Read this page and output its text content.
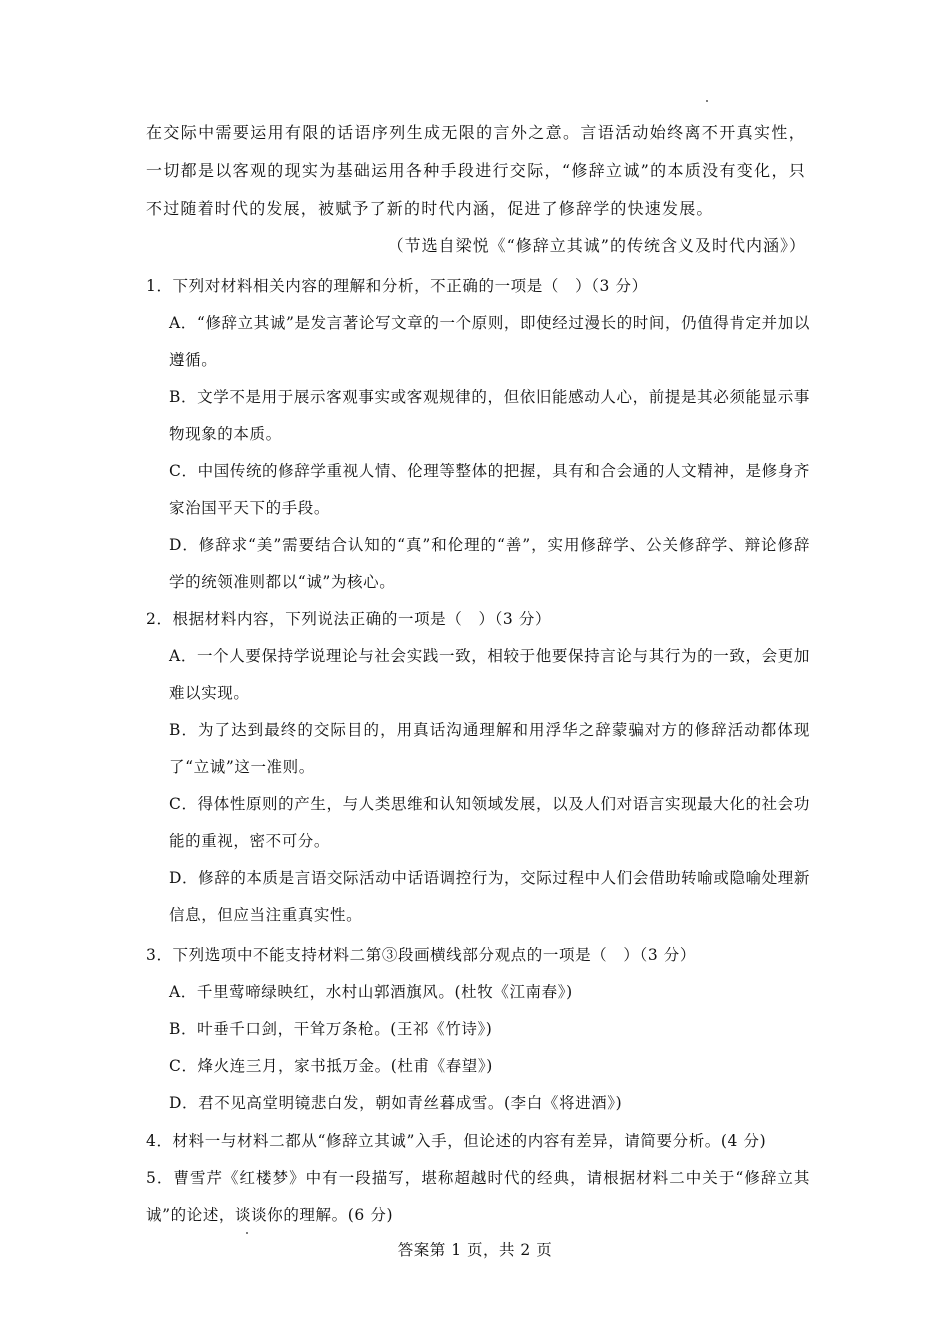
在交际中需要运用有限的话语序列生成无限的言外之意。言语活动始终离不开真实性，一切都是以客观的现实为基础运用各种手段进行交际，“修辞立诚”的本质没有变化，只不过随着时代的发展，被赋予了新的时代内涵，促进了修辞学的快速发展。
（节选自梁悦《“修辞立其诚”的传统含义及时代内涵》）
1．下列对材料相关内容的理解和分析，不正确的一项是（　）（3 分）
A．“修辞立其诚”是发言著论写文章的一个原则，即使经过漫长的时间，仍值得肯定并加以遵循。
B．文学不是用于展示客观事实或客观规律的，但依旧能感动人心，前提是其必须能显示事物现象的本质。
C．中国传统的修辞学重视人情、伦理等整体的把握，具有和合会通的人文精神，是修身齐家治国平天下的手段。
D．修辞求“美”需要结合认知的“真”和伦理的“善”，实用修辞学、公关修辞学、辩论修辞学的统领准则都以“诚”为核心。
2．根据材料内容，下列说法正确的一项是（　）（3 分）
A．一个人要保持学说理论与社会实践一致，相较于他要保持言论与其行为的一致，会更加难以实现。
B．为了达到最终的交际目的，用真话沟通理解和用浮华之辞蒙骗对方的修辞活动都体现了“立诚”这一准则。
C．得体性原则的产生，与人类思维和认知领域发展，以及人们对语言实现最大化的社会功能的重视，密不可分。
D．修辞的本质是言语交际活动中话语调控行为，交际过程中人们会借助转喻或隐喻处理新信息，但应当注重真实性。
3．下列选项中不能支持材料二第③段画横线部分观点的一项是（　）（3 分）
A．千里莺啼绿映红，水村山郭酒旗风。(杜牧《江南春》)
B．叶垂千口剑，干耸万条枪。(王祁《竹诗》)
C．烽火连三月，家书抵万金。(杜甫《春望》)
D．君不见高堂明镜悲白发，朝如青丝暮成雪。(李白《将进酒》)
4．材料一与材料二都从“修辞立其诚”入手，但论述的内容有差异，请简要分析。(4 分)
5．曹雪芹《红楼梦》中有一段描写，堪称超越时代的经典，请根据材料二中关于“修辞立其诚”的论述，谈谈你的理解。(6 分)
答案第 1 页，共 2 页
